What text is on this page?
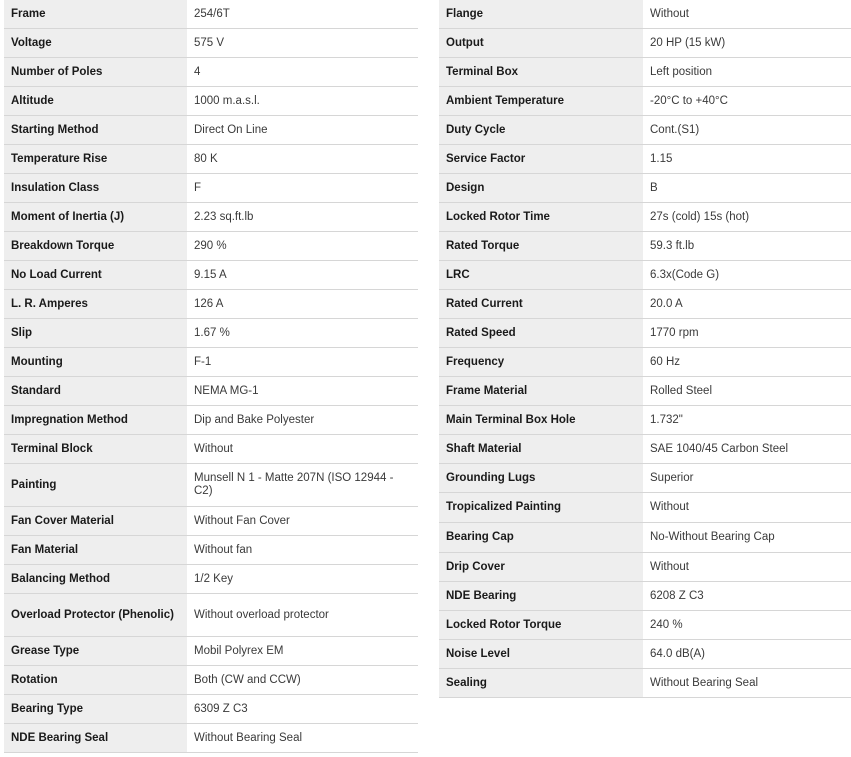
Frame	254/6T
Voltage	575 V
Number of Poles	4
Altitude	1000 m.a.s.l.
Starting Method	Direct On Line
Temperature Rise	80 K
Insulation Class	F
Moment of Inertia (J)	2.23 sq.ft.lb
Breakdown Torque	290 %
No Load Current	9.15 A
L. R. Amperes	126 A
Slip	1.67 %
Mounting	F-1
Standard	NEMA MG-1
Impregnation Method	Dip and Bake Polyester
Terminal Block	Without
Painting	Munsell N 1 - Matte 207N (ISO 12944 - C2)
Fan Cover Material	Without Fan Cover
Fan Material	Without fan
Balancing Method	1/2 Key
Overload Protector (Phenolic)	Without overload protector
Grease Type	Mobil Polyrex EM
Rotation	Both (CW and CCW)
Bearing Type	6309 Z C3
NDE Bearing Seal	Without Bearing Seal
Flange	Without
Output	20 HP (15 kW)
Terminal Box	Left position
Ambient Temperature	-20°C to +40°C
Duty Cycle	Cont.(S1)
Service Factor	1.15
Design	B
Locked Rotor Time	27s (cold) 15s (hot)
Rated Torque	59.3 ft.lb
LRC	6.3x(Code G)
Rated Current	20.0 A
Rated Speed	1770 rpm
Frequency	60 Hz
Frame Material	Rolled Steel
Main Terminal Box Hole	1.732"
Shaft Material	SAE 1040/45 Carbon Steel
Grounding Lugs	Superior
Tropicalized Painting	Without
Bearing Cap	No-Without Bearing Cap
Drip Cover	Without
NDE Bearing	6208 Z C3
Locked Rotor Torque	240 %
Noise Level	64.0 dB(A)
Sealing	Without Bearing Seal
